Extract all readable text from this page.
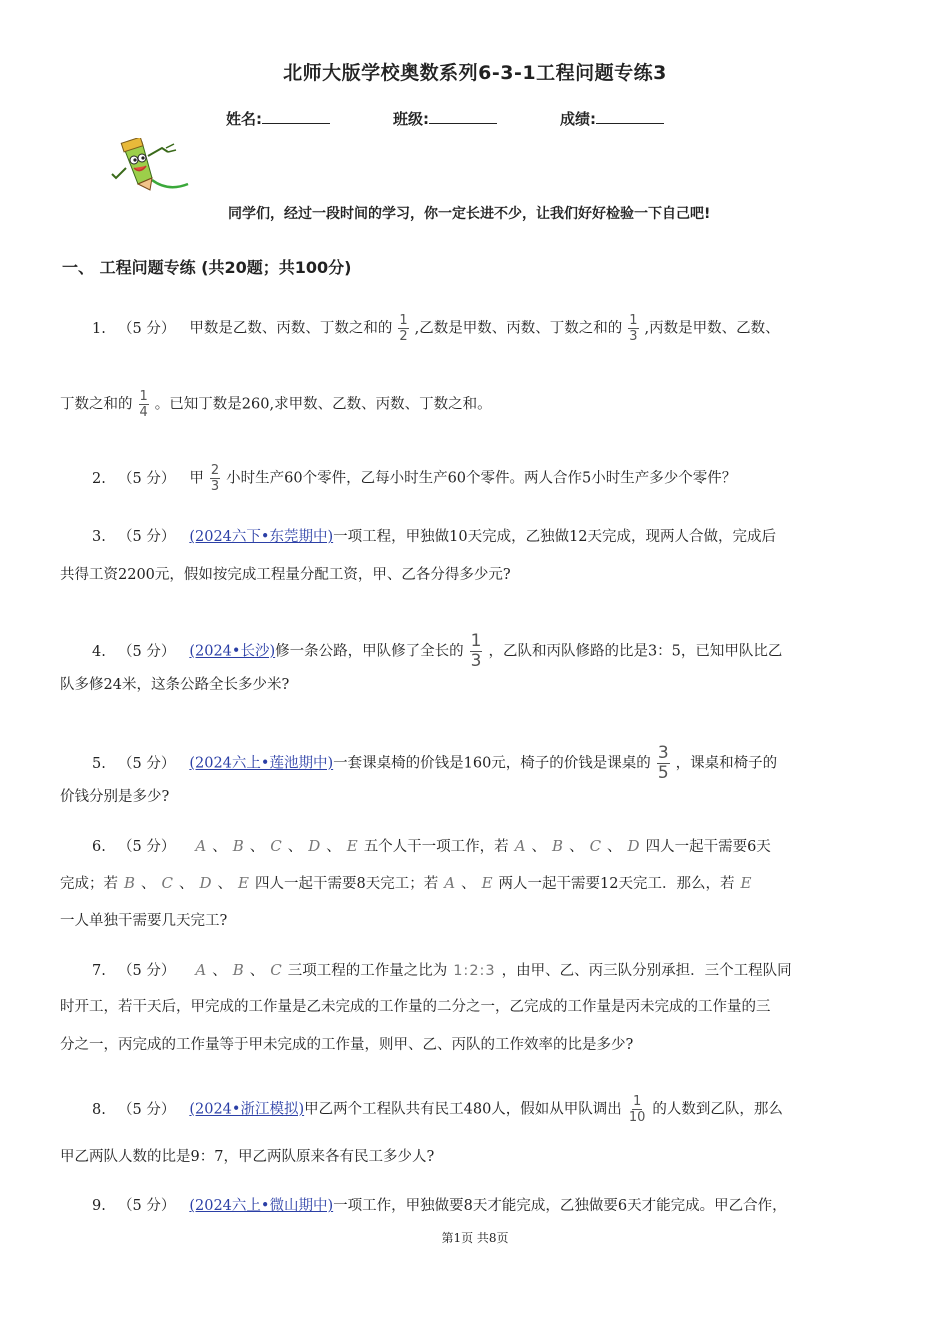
北师大版学校奥数系列6-3-1工程问题专练3
姓名:	班级:	成绩:
同学们，经过一段时间的学习，你一定长进不少，让我们好好检验一下自己吧!
一、 工程问题专练 (共20题；共100分)
1. （5 分） 甲数是乙数、丙数、丁数之和的 $\frac{1}{2}$ ,乙数是甲数、丙数、丁数之和的 $\frac{1}{3}$ ,丙数是甲数、乙数、
丁数之和的 $\frac{1}{4}$ 。已知丁数是260,求甲数、乙数、丙数、丁数之和。
2. （5 分） 甲 $\frac{2}{3}$ 小时生产60个零件，乙每小时生产60个零件。两人合作5小时生产多少个零件？
3. （5 分） (2024六下•东莞期中)一项工程，甲独做10天完成，乙独做12天完成，现两人合做，完成后
共得工资2200元，假如按完成工程量分配工资，甲、乙各分得多少元?
4. （5 分） (2024•长沙)修一条公路，甲队修了全长的 $\frac{1}{3}$ ，乙队和丙队修路的比是3：5，已知甲队比乙
队多修24米，这条公路全长多少米?
5. （5 分） (2024六上•莲池期中)一套课桌椅的价钱是160元，椅子的价钱是课桌的 $\frac{3}{5}$ ，课桌和椅子的
价钱分别是多少?
6. （5 分） A 、 B 、 C 、 D 、 E 五个人干一项工作，若 A 、 B 、 C 、 D 四人一起干需要6天
完成；若 B 、 C 、 D 、 E 四人一起干需要8天完工；若 A 、 E 两人一起干需要12天完工．那么，若 E
一人单独干需要几天完工?
7. （5 分） A 、 B 、 C 三项工程的工作量之比为 1:2:3 ，由甲、乙、丙三队分别承担．三个工程队同
时开工，若干天后，甲完成的工作量是乙未完成的工作量的二分之一，乙完成的工作量是丙未完成的工作量的三
分之一，丙完成的工作量等于甲未完成的工作量，则甲、乙、丙队的工作效率的比是多少?
8. （5 分） (2024•浙江模拟)甲乙两个工程队共有民工480人，假如从甲队调出 $\frac{1}{10}$ 的人数到乙队，那么
甲乙两队人数的比是9：7，甲乙两队原来各有民工多少人?
9. （5 分） (2024六上•微山期中)一项工作，甲独做要8天才能完成，乙独做要6天才能完成。甲乙合作，
第1页 共8页
